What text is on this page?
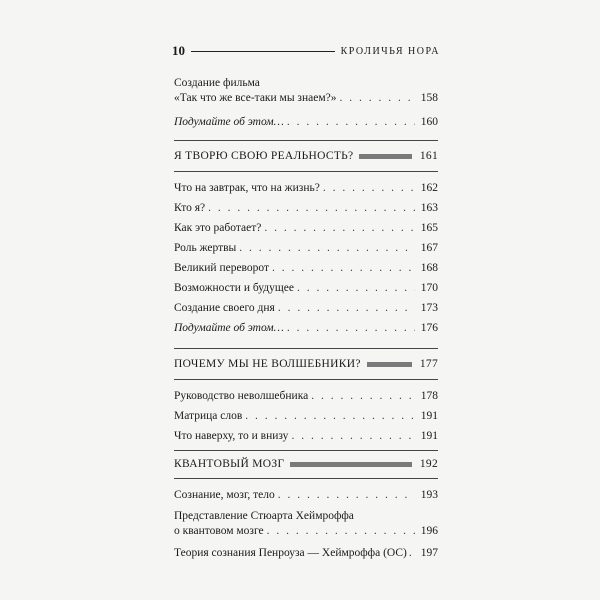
10	КРОЛИЧЬЯ НОРА
Создание фильма
«Так что же все-таки мы знаем?» . . .	158
Подумайте об этом… . . .	160
Я ТВОРЮ СВОЮ РЕАЛЬНОСТЬ?	161
Что на завтрак, что на жизнь? . . .	162
Кто я? . . .	163
Как это работает? . . .	165
Роль жертвы . . .	167
Великий переворот . . .	168
Возможности и будущее . . .	170
Создание своего дня . . .	173
Подумайте об этом… . . .	176
ПОЧЕМУ МЫ НЕ ВОЛШЕБНИКИ?	177
Руководство неволшебника . . .	178
Матрица слов . . .	191
Что наверху, то и внизу . . .	191
КВАНТОВЫЙ МОЗГ	192
Сознание, мозг, тело . . .	193
Представление Стюарта Хеймроффа
о квантовом мозге . . .	196
Теория сознания Пенроуза — Хеймроффа (ОС) . . . 197
